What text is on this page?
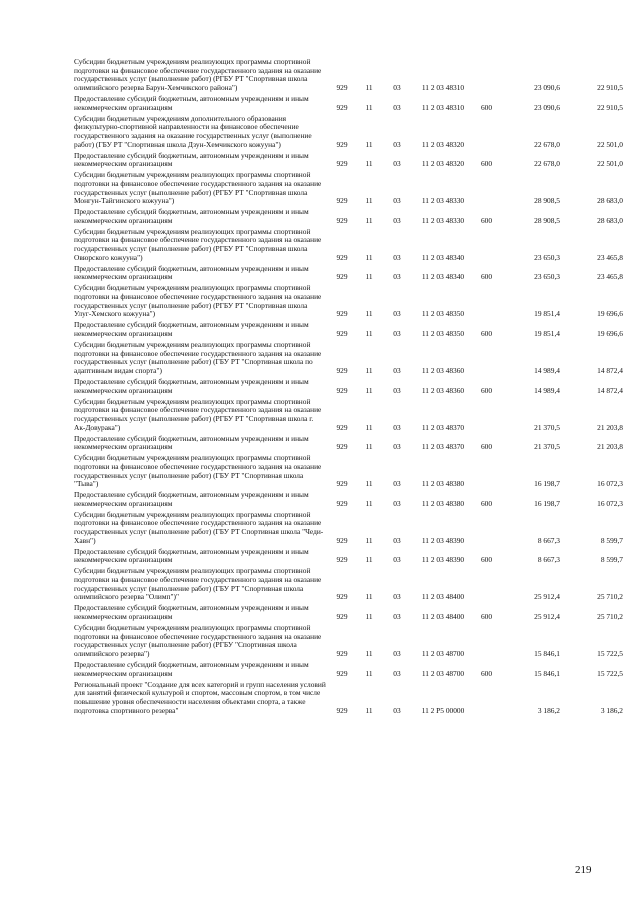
Субсидии бюджетным учреждениям реализующих программы спортивной подготовки на финансовое обеспечение государственного задания на оказание государственных услуг (выполнение работ) (РГБУ РТ "Спортивная школа олимпийского резерва Барун-Хемчикского района")	929	11	03	11 2 03 48310		23 090,6	22 910,5
Предоставление субсидий бюджетным, автономным учреждениям и иным некоммерческим организациям	929	11	03	11 2 03 48310	600	23 090,6	22 910,5
Субсидии бюджетным учреждениям дополнительного образования физкультурно-спортивной направленности на финансовое обеспечение государственного задания на оказание государственных услуг (выполнение работ) (ГБУ РТ "Спортивная школа Дзун-Хемчикского кожууна")	929	11	03	11 2 03 48320		22 678,0	22 501,0
Предоставление субсидий бюджетным, автономным учреждениям и иным некоммерческим организациям	929	11	03	11 2 03 48320	600	22 678,0	22 501,0
Субсидии бюджетным учреждениям реализующих программы спортивной подготовки на финансовое обеспечение государственного задания на оказание государственных услуг (выполнение работ) (РГБУ РТ "Спортивная школа Монгун-Тайгинского кожууна")	929	11	03	11 2 03 48330		28 908,5	28 683,0
Предоставление субсидий бюджетным, автономным учреждениям и иным некоммерческим организациям	929	11	03	11 2 03 48330	600	28 908,5	28 683,0
Субсидии бюджетным учреждениям реализующих программы спортивной подготовки на финансовое обеспечение государственного задания на оказание государственных услуг (выполнение работ) (РГБУ РТ "Спортивная школа Овюрского кожууна")	929	11	03	11 2 03 48340		23 650,3	23 465,8
Предоставление субсидий бюджетным, автономным учреждениям и иным некоммерческим организациям	929	11	03	11 2 03 48340	600	23 650,3	23 465,8
Субсидии бюджетным учреждениям реализующих программы спортивной подготовки на финансовое обеспечение государственного задания на оказание государственных услуг (выполнение работ) (РГБУ РТ "Спортивная школа Улуг-Хемского кожууна")	929	11	03	11 2 03 48350		19 851,4	19 696,6
Предоставление субсидий бюджетным, автономным учреждениям и иным некоммерческим организациям	929	11	03	11 2 03 48350	600	19 851,4	19 696,6
Субсидии бюджетным учреждениям реализующих программы спортивной подготовки на финансовое обеспечение государственного задания на оказание государственных услуг (выполнение работ) (ГБУ РТ "Спортивная школа по адаптивным видам спорта")	929	11	03	11 2 03 48360		14 989,4	14 872,4
Предоставление субсидий бюджетным, автономным учреждениям и иным некоммерческим организациям	929	11	03	11 2 03 48360	600	14 989,4	14 872,4
Субсидии бюджетным учреждениям реализующих программы спортивной подготовки на финансовое обеспечение государственного задания на оказание государственных услуг (выполнение работ) (РГБУ РТ "Спортивная школа г. Ак-Довурака")	929	11	03	11 2 03 48370		21 370,5	21 203,8
Предоставление субсидий бюджетным, автономным учреждениям и иным некоммерческим организациям	929	11	03	11 2 03 48370	600	21 370,5	21 203,8
Субсидии бюджетным учреждениям реализующих программы спортивной подготовки на финансовое обеспечение государственного задания на оказание государственных услуг (выполнение работ) (ГБУ РТ "Спортивная школа "Тыва")	929	11	03	11 2 03 48380		16 198,7	16 072,3
Предоставление субсидий бюджетным, автономным учреждениям и иным некоммерческим организациям	929	11	03	11 2 03 48380	600	16 198,7	16 072,3
Субсидии бюджетным учреждениям реализующих программы спортивной подготовки на финансовое обеспечение государственного задания на оказание государственных услуг (выполнение работ) (ГБУ РТ Спортивная школа "Чеди-Хавн")	929	11	03	11 2 03 48390		8 667,3	8 599,7
Предоставление субсидий бюджетным, автономным учреждениям и иным некоммерческим организациям	929	11	03	11 2 03 48390	600	8 667,3	8 599,7
Субсидии бюджетным учреждениям реализующих программы спортивной подготовки на финансовое обеспечение государственного задания на оказание государственных услуг (выполнение работ) (ГБУ РТ "Спортивная школа олимпийского резерва "Олимп")"	929	11	03	11 2 03 48400		25 912,4	25 710,2
Предоставление субсидий бюджетным, автономным учреждениям и иным некоммерческим организациям	929	11	03	11 2 03 48400	600	25 912,4	25 710,2
Субсидии бюджетным учреждениям реализующих программы спортивной подготовки на финансовое обеспечение государственного задания на оказание государственных услуг (выполнение работ) (РГБУ "Спортивная школа олимпийского резерва")	929	11	03	11 2 03 48700		15 846,1	15 722,5
Предоставление субсидий бюджетным, автономным учреждениям и иным некоммерческим организациям	929	11	03	11 2 03 48700	600	15 846,1	15 722,5
Региональный проект "Создание для всех категорий и групп населения условий для занятий физической культурой и спортом, массовым спортом, в том числе повышение уровня обеспеченности населения объектами спорта, а также подготовка спортивного резерва"	929	11	03	11 2 P5 00000		3 186,2	3 186,2
219
